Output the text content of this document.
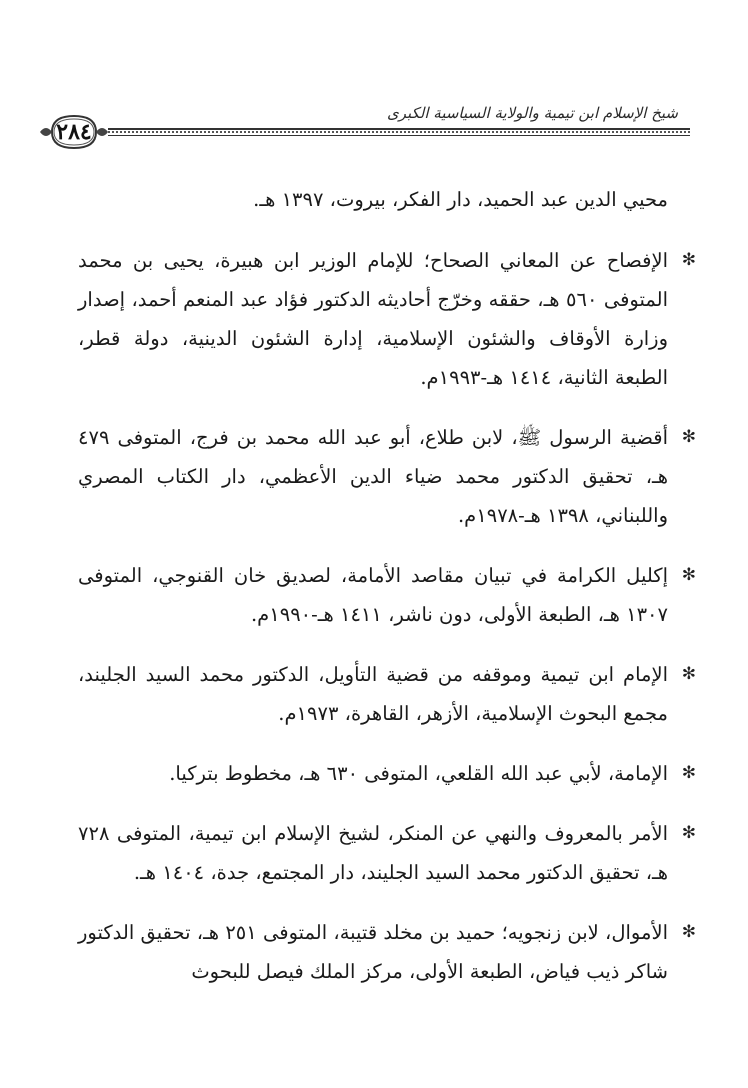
شيخ الإسلام ابن تيمية والولاية السياسية الكبرى
٢٨٤

محيي الدين عبد الحميد، دار الفكر، بيروت، ١٣٩٧ هـ.

✻
الإفصاح عن المعاني الصحاح؛ للإمام الوزير ابن هبيرة، يحيى بن محمد المتوفى ٥٦٠ هـ، حققه وخرّج أحاديثه الدكتور فؤاد عبد المنعم أحمد، إصدار وزارة الأوقاف والشئون الإسلامية، إدارة الشئون الدينية، دولة قطر، الطبعة الثانية، ١٤١٤ هـ-١٩٩٣م.

✻
أقضية الرسول ﷺ، لابن طلاع، أبو عبد الله محمد بن فرج، المتوفى ٤٧٩ هـ، تحقيق الدكتور محمد ضياء الدين الأعظمي، دار الكتاب المصري واللبناني، ١٣٩٨ هـ-١٩٧٨م.

✻
إكليل الكرامة في تبيان مقاصد الأمامة، لصديق خان القنوجي، المتوفى ١٣٠٧ هـ، الطبعة الأولى، دون ناشر، ١٤١١ هـ-١٩٩٠م.

✻
الإمام ابن تيمية وموقفه من قضية التأويل، الدكتور محمد السيد الجليند، مجمع البحوث الإسلامية، الأزهر، القاهرة، ١٩٧٣م.

✻
الإمامة، لأبي عبد الله القلعي، المتوفى ٦٣٠ هـ، مخطوط بتركيا.

✻
الأمر بالمعروف والنهي عن المنكر، لشيخ الإسلام ابن تيمية، المتوفى ٧٢٨ هـ، تحقيق الدكتور محمد السيد الجليند، دار المجتمع، جدة، ١٤٠٤ هـ.

✻
الأموال، لابن زنجويه؛ حميد بن مخلد قتيبة، المتوفى ٢٥١ هـ، تحقيق الدكتور شاكر ذيب فياض، الطبعة الأولى، مركز الملك فيصل للبحوث
